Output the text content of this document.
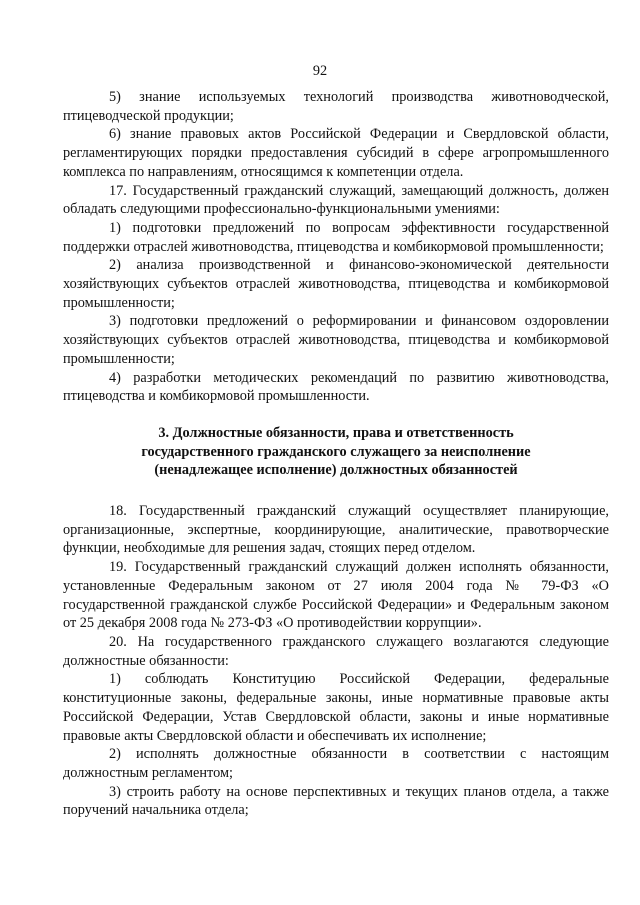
92

5) знание используемых технологий производства животноводческой, птицеводческой продукции;

6) знание правовых актов Российской Федерации и Свердловской области, регламентирующих порядки предоставления субсидий в сфере агропромышленного комплекса по направлениям, относящимся к компетенции отдела.

17. Государственный гражданский служащий, замещающий должность, должен обладать следующими профессионально-функциональными умениями:

1) подготовки предложений по вопросам эффективности государственной поддержки отраслей животноводства, птицеводства и комбикормовой промышленности;

2) анализа производственной и финансово-экономической деятельности хозяйствующих субъектов отраслей животноводства, птицеводства и комбикормовой промышленности;

3) подготовки предложений о реформировании и финансовом оздоровлении хозяйствующих субъектов отраслей животноводства, птицеводства и комбикормовой промышленности;

4) разработки методических рекомендаций по развитию животноводства, птицеводства и комбикормовой промышленности.

3. Должностные обязанности, права и ответственность
государственного гражданского служащего за неисполнение
(ненадлежащее исполнение) должностных обязанностей

18. Государственный гражданский служащий осуществляет планирующие, организационные, экспертные, координирующие, аналитические, правотворческие функции, необходимые для решения задач, стоящих перед отделом.

19. Государственный гражданский служащий должен исполнять обязанности, установленные Федеральным законом от 27 июля 2004 года № 79-ФЗ «О государственной гражданской службе Российской Федерации» и Федеральным законом от 25 декабря 2008 года № 273-ФЗ «О противодействии коррупции».

20. На государственного гражданского служащего возлагаются следующие должностные обязанности:

1) соблюдать Конституцию Российской Федерации, федеральные конституционные законы, федеральные законы, иные нормативные правовые акты Российской Федерации, Устав Свердловской области, законы и иные нормативные правовые акты Свердловской области и обеспечивать их исполнение;

2) исполнять должностные обязанности в соответствии с настоящим должностным регламентом;

3) строить работу на основе перспективных и текущих планов отдела, а также поручений начальника отдела;
